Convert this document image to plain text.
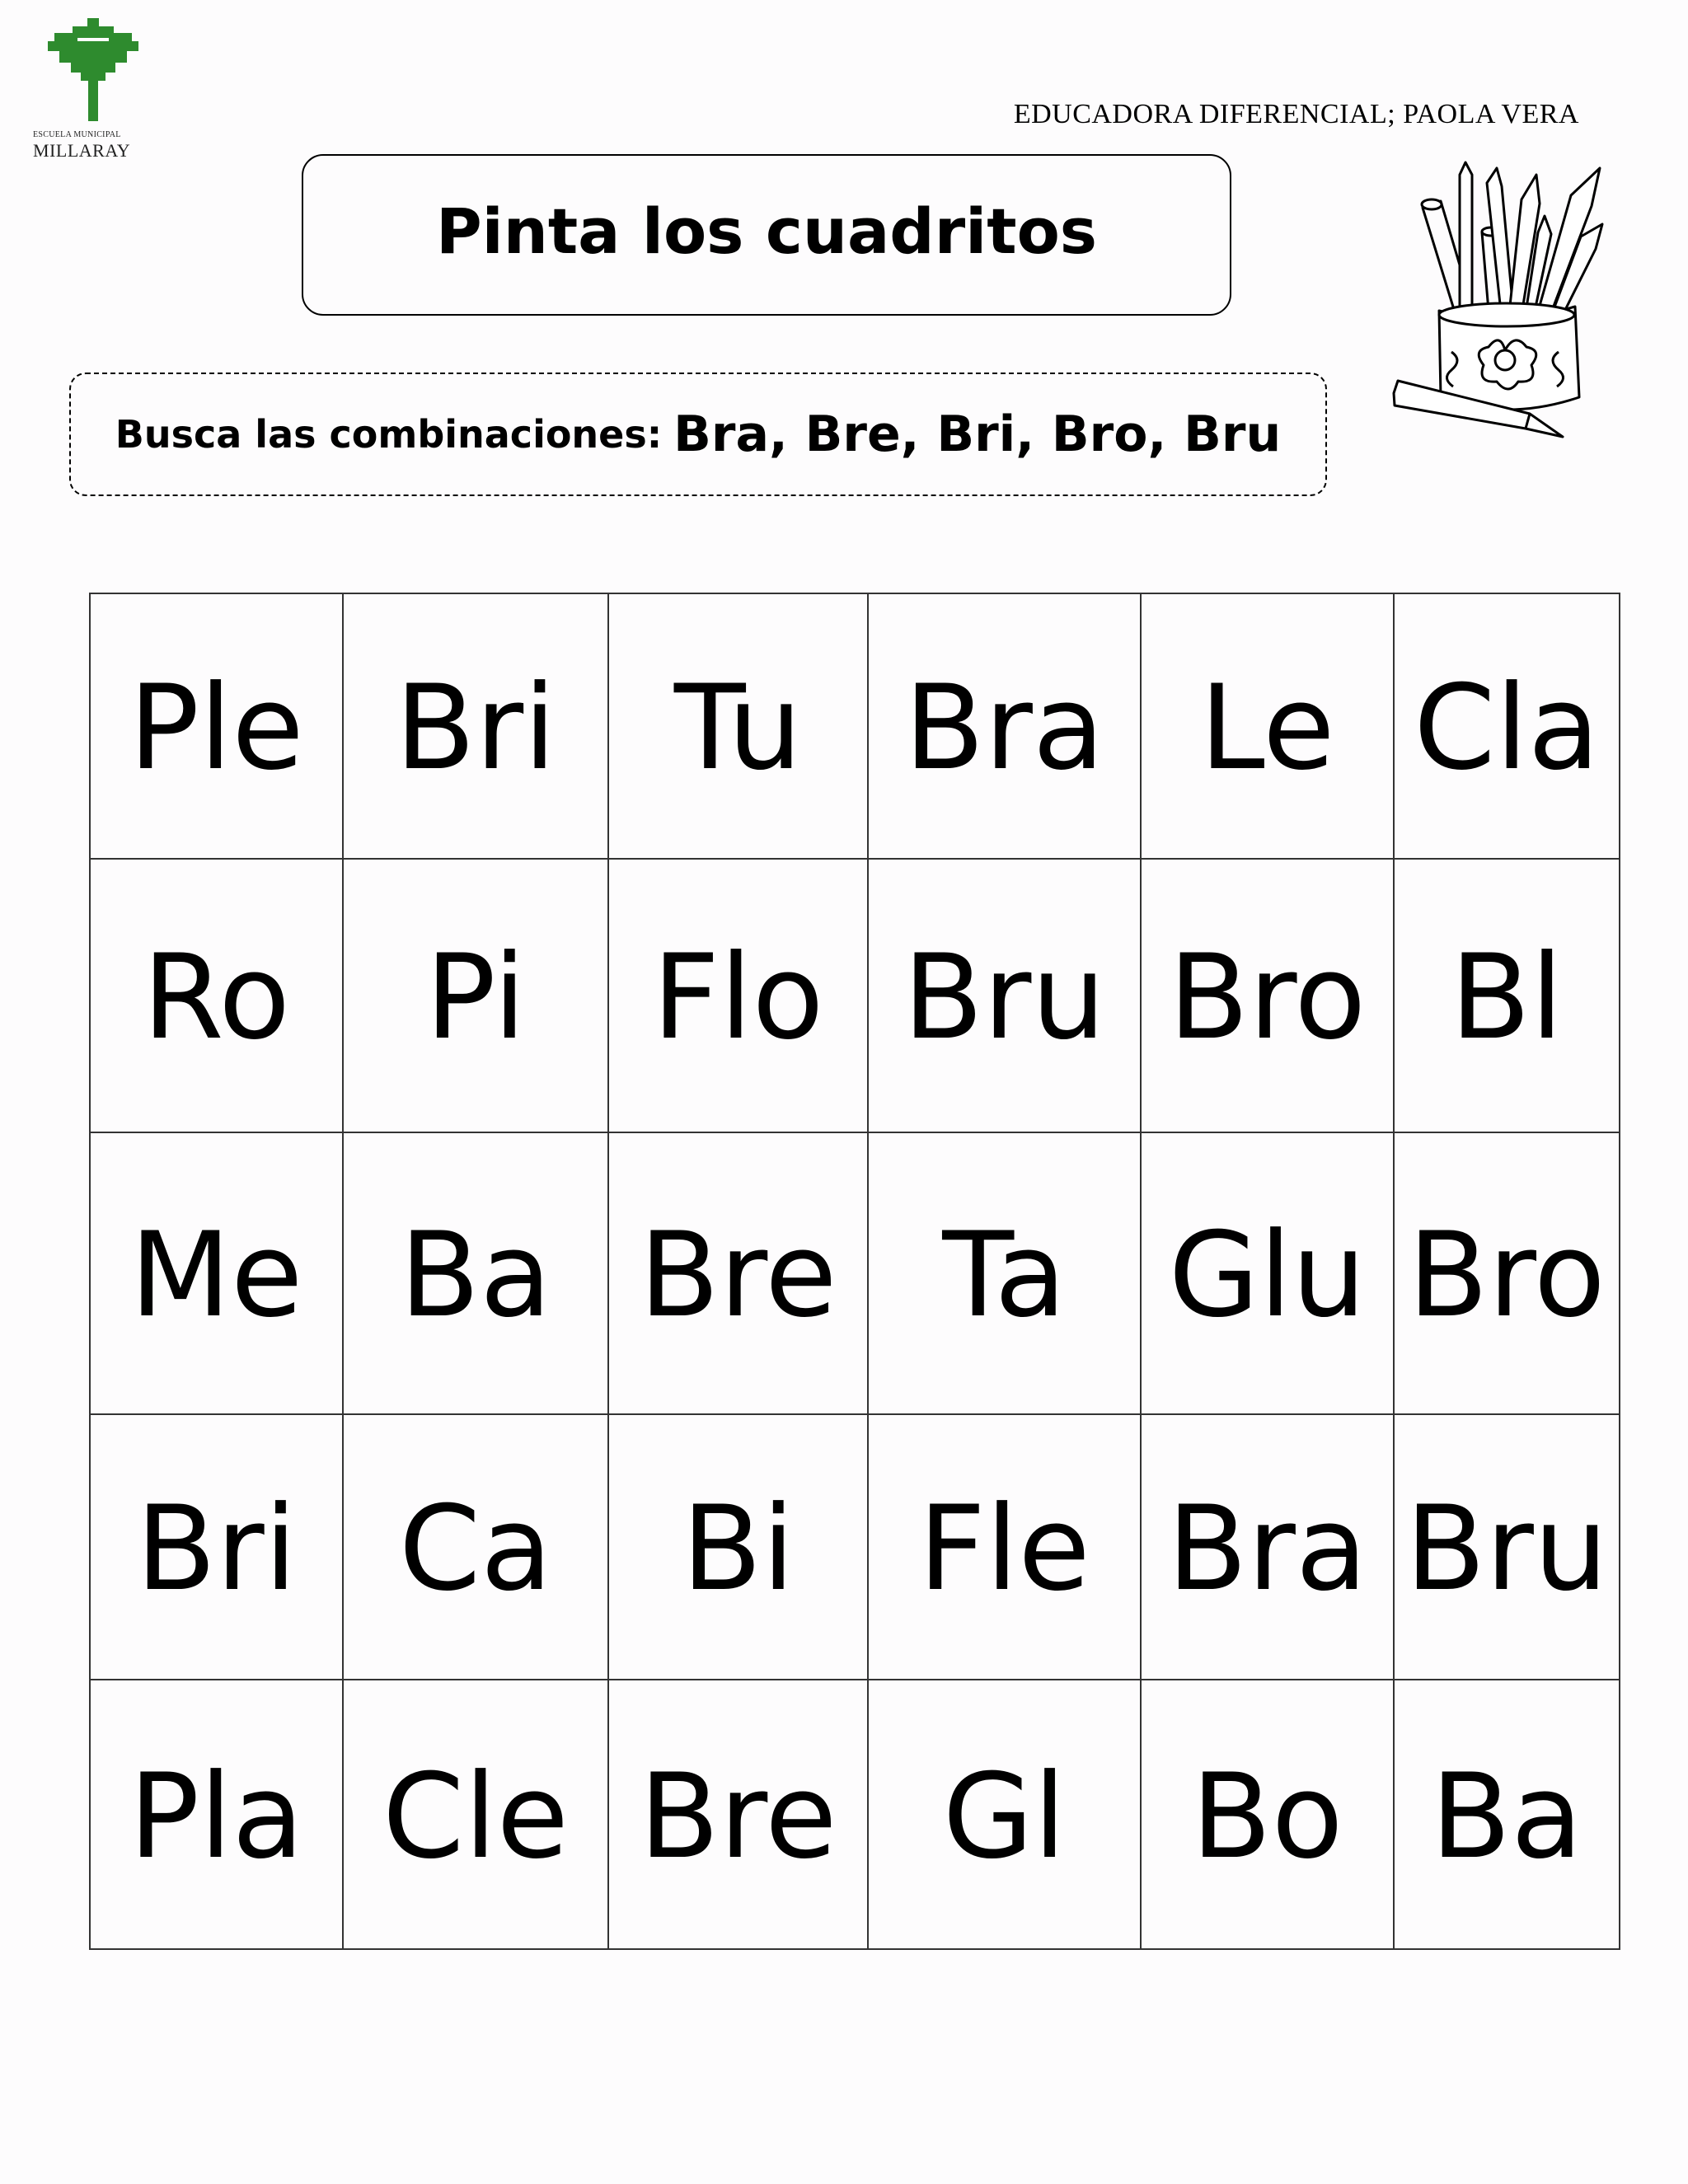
ESCUELA MUNICIPAL
MILLARAY
EDUCADORA DIFERENCIAL; PAOLA VERA
Pinta los cuadritos
Busca las combinaciones: Bra, Bre, Bri, Bro, Bru
Ple	Bri	Tu	Bra	Le	Cla
Ro	Pi	Flo	Bru	Bro	Bl
Me	Ba	Bre	Ta	Glu	Bro
Bri	Ca	Bi	Fle	Bra	Bru
Pla	Cle	Bre	Gl	Bo	Ba
